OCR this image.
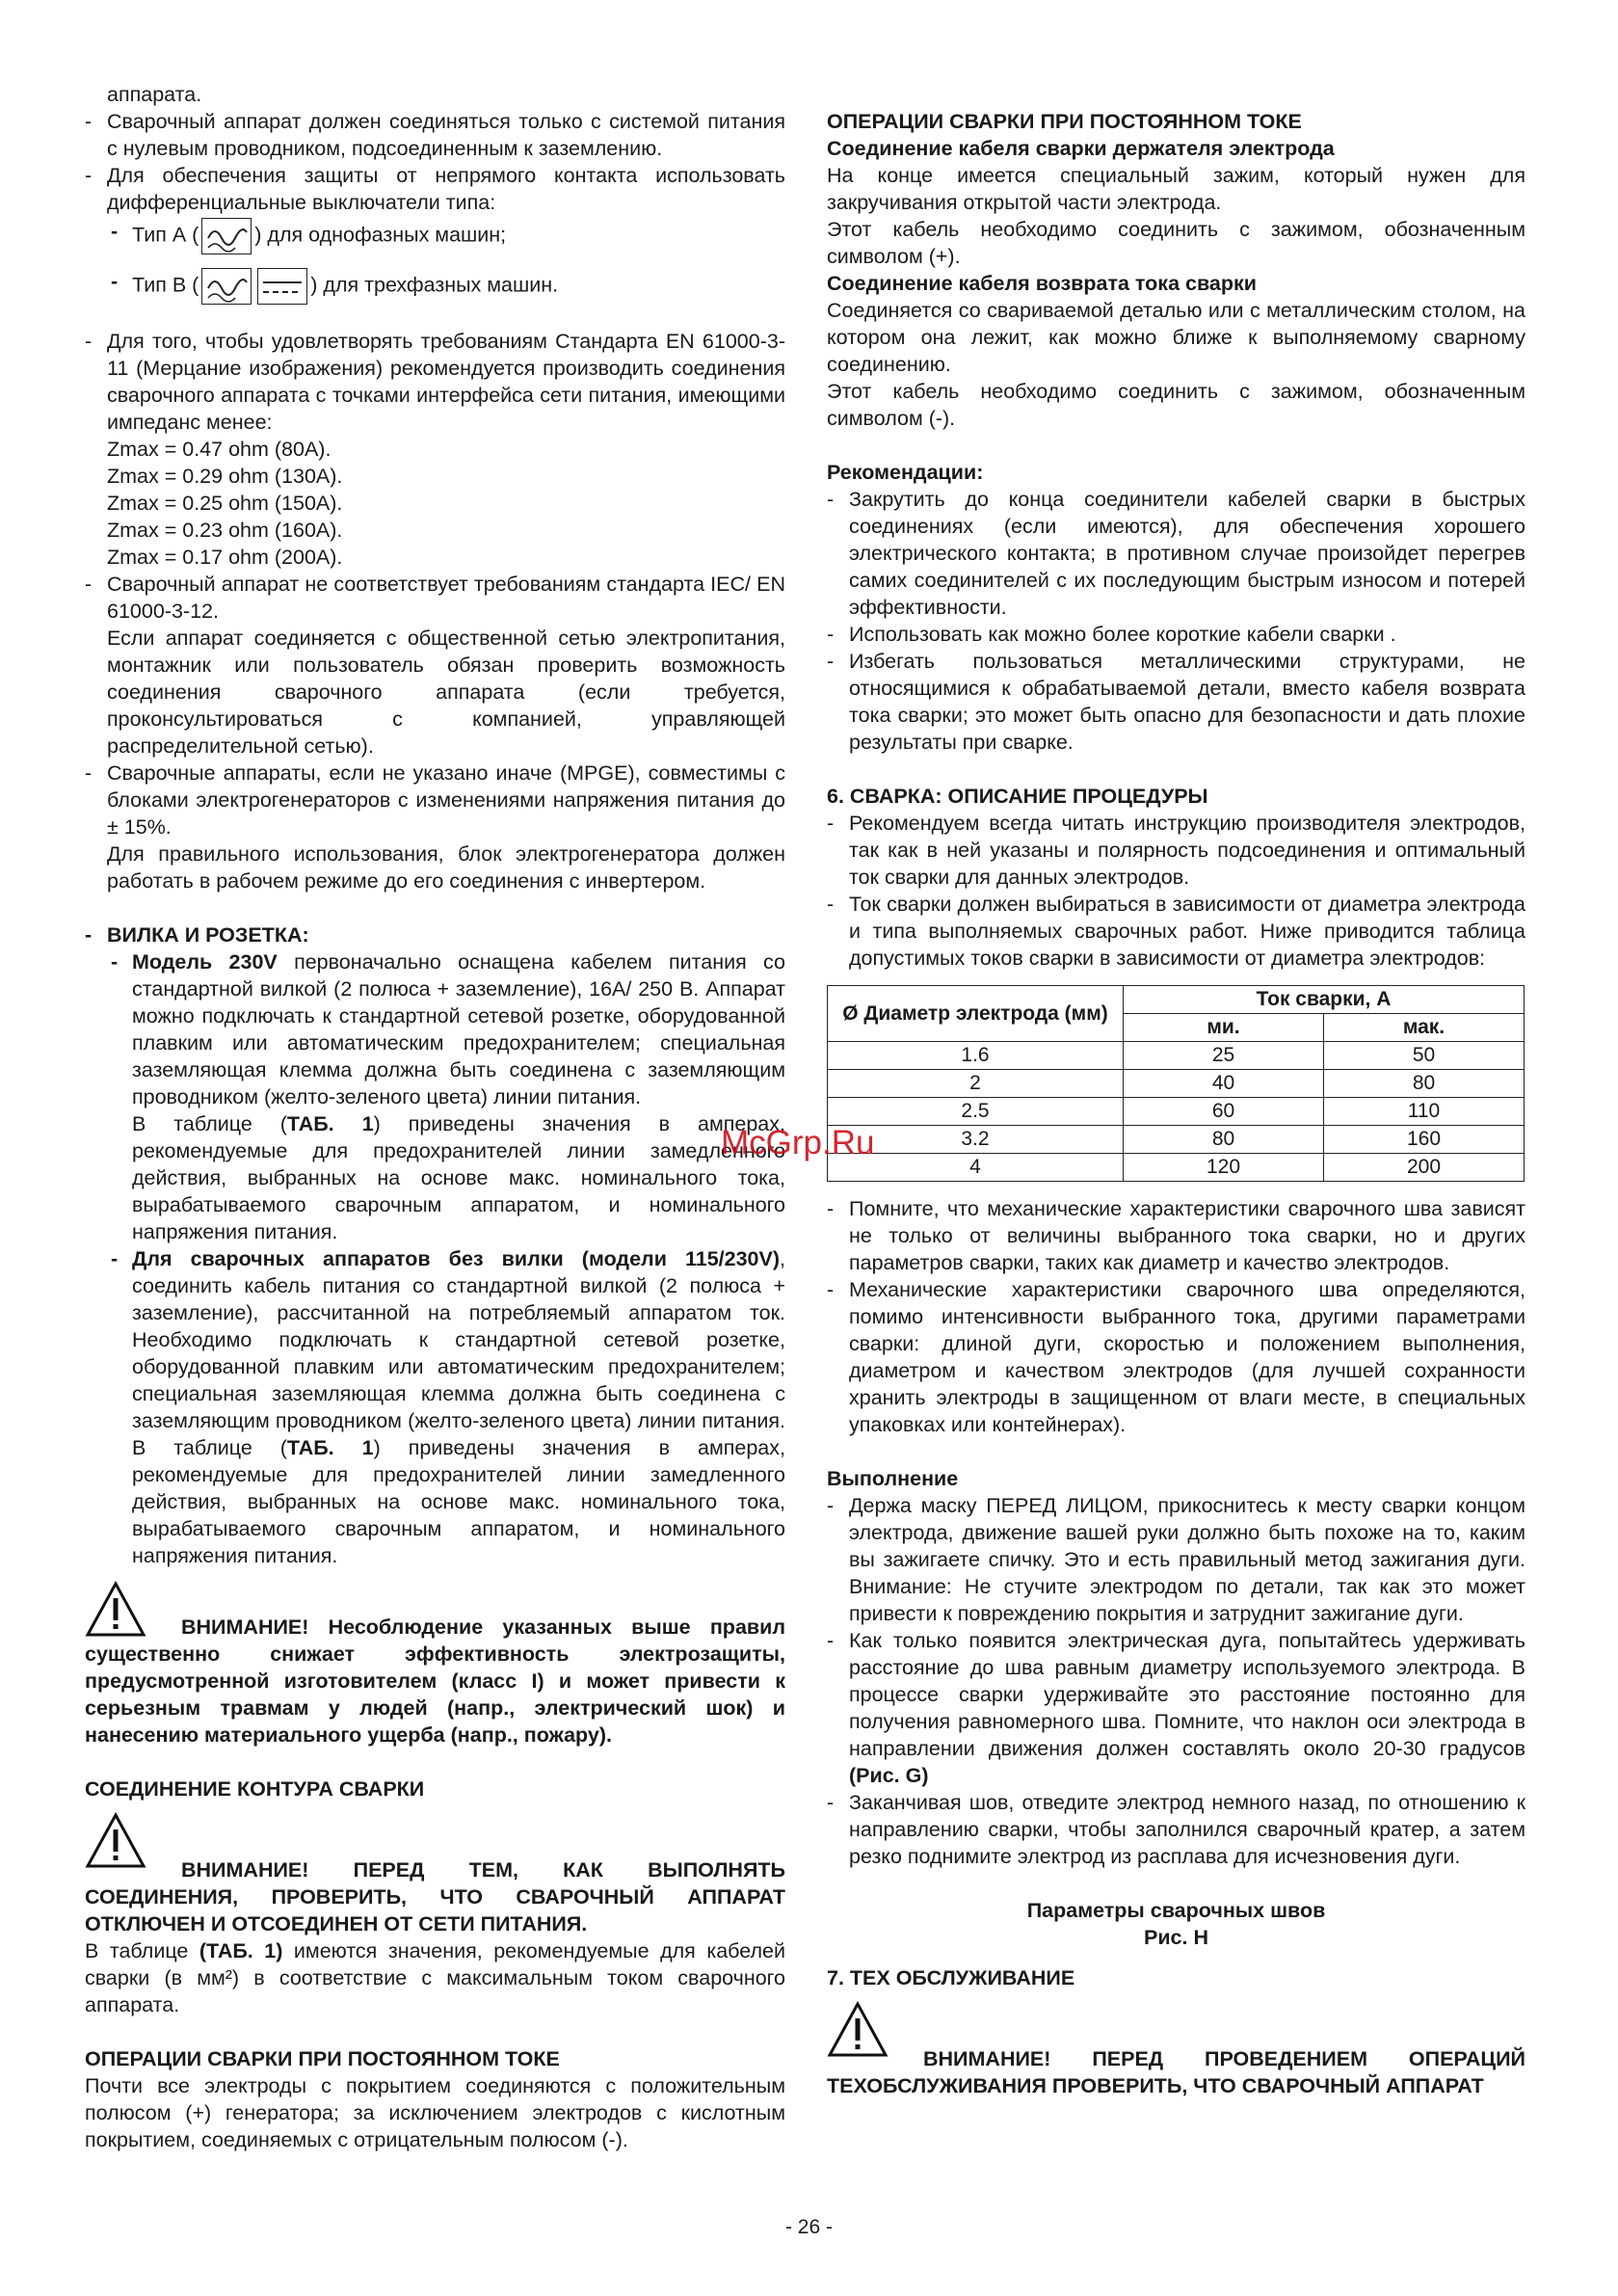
аппарата.

- Сварочный аппарат должен соединяться только с системой питания с нулевым проводником, подсоединенным к заземлению.

- Для обеспечения защиты от непрямого контакта использовать дифференциальные выключатели типа:

- Тип А (	) для однофазных машин;
- Тип В (	) для трехфазных машин.

- Для того, чтобы удовлетворять требованиям Стандарта EN 61000-3-11 (Мерцание изображения) рекомендуется производить соединения сварочного аппарата с точками интерфейса сети питания, имеющими импеданс менее:

Zmax = 0.47 ohm (80A).

Zmax = 0.29 ohm (130A).

Zmax = 0.25 ohm (150A).

Zmax = 0.23 ohm (160A).

Zmax = 0.17 ohm (200A).

- Сварочный аппарат не соответствует требованиям стандарта IEC/ EN 61000-3-12.

Если аппарат соединяется с общественной сетью электропитания, монтажник или пользователь обязан проверить возможность соединения сварочного аппарата (если требуется, проконсультироваться с компанией, управляющей распределительной сетью).

- Сварочные аппараты, если не указано иначе (MPGE), совместимы с блоками электрогенераторов с изменениями напряжения питания до ± 15%.

Для правильного использования, блок электрогенератора должен работать в рабочем режиме до его соединения с инвертером.

- ВИЛКА И РОЗЕТКА:

- Модель 230V первоначально оснащена кабелем питания со стандартной вилкой (2 полюса + заземление), 16А/ 250 В. Аппарат можно подключать к стандартной сетевой розетке, оборудованной плавким или автоматическим предохранителем; специальная заземляющая клемма должна быть соединена с заземляющим проводником (желто-зеленого цвета) линии питания.

В таблице (ТАБ. 1) приведены значения в амперах, рекомендуемые для предохранителей линии замедленного действия, выбранных на основе макс. номинального тока, вырабатываемого сварочным аппаратом, и номинального напряжения питания.

- Для сварочных аппаратов без вилки (модели 115/230V), соединить кабель питания со стандартной вилкой (2 полюса + заземление), рассчитанной на потребляемый аппаратом ток. Необходимо подключать к стандартной сетевой розетке, оборудованной плавким или автоматическим предохранителем; специальная заземляющая клемма должна быть соединена с заземляющим проводником (желто-зеленого цвета) линии питания. В таблице (ТАБ. 1) приведены значения в амперах, рекомендуемые для предохранителей линии замедленного действия, выбранных на основе макс. номинального тока, вырабатываемого сварочным аппаратом, и номинального напряжения питания.

ВНИМАНИЕ! Несоблюдение указанных выше правил существенно снижает эффективность электрозащиты, предусмотренной изготовителем (класс I) и может привести к серьезным травмам у людей (напр., электрический шок) и нанесению материального ущерба (напр., пожару).

СОЕДИНЕНИЕ КОНТУРА СВАРКИ

ВНИМАНИЕ! ПЕРЕД ТЕМ, КАК ВЫПОЛНЯТЬ СОЕДИНЕНИЯ, ПРОВЕРИТЬ, ЧТО СВАРОЧНЫЙ АППАРАТ ОТКЛЮЧЕН И ОТСОЕДИНЕН ОТ СЕТИ ПИТАНИЯ.

В таблице (ТАБ. 1) имеются значения, рекомендуемые для кабелей сварки (в мм²) в соответствие с максимальным током сварочного аппарата.

ОПЕРАЦИИ СВАРКИ ПРИ ПОСТОЯННОМ ТОКЕ

Почти все электроды с покрытием соединяются с положительным полюсом (+) генератора; за исключением электродов с кислотным покрытием, соединяемых с отрицательным полюсом (-).

ОПЕРАЦИИ СВАРКИ ПРИ ПОСТОЯННОМ ТОКЕ
Соединение кабеля сварки держателя электрода

На конце имеется специальный зажим, который нужен для закручивания открытой части электрода.

Этот кабель необходимо соединить с зажимом, обозначенным символом (+).

Соединение кабеля возврата тока сварки

Соединяется со свариваемой деталью или с металлическим столом, на котором она лежит, как можно ближе к выполняемому сварному соединению.

Этот кабель необходимо соединить с зажимом, обозначенным символом (-).

Рекомендации:

- Закрутить до конца соединители кабелей сварки в быстрых соединениях (если имеются), для обеспечения хорошего электрического контакта; в противном случае произойдет перегрев самих соединителей с их последующим быстрым износом и потерей эффективности.

- Использовать как можно более короткие кабели сварки .

- Избегать пользоваться металлическими структурами, не относящимися к обрабатываемой детали, вместо кабеля возврата тока сварки; это может быть опасно для безопасности и дать плохие результаты при сварке.

6. СВАРКА: ОПИСАНИЕ ПРОЦЕДУРЫ

- Рекомендуем всегда читать инструкцию производителя электродов, так как в ней указаны и полярность подсоединения и оптимальный ток сварки для данных электродов.

- Ток сварки должен выбираться в зависимости от диаметра электрода и типа выполняемых сварочных работ. Ниже приводится таблица допустимых токов сварки в зависимости от диаметра электродов:

Ø Диаметр электрода (мм)	Ток сварки, А	
	ми.	мак.
1.6	25	50
2	40	80
2.5	60	110
3.2	80	160
4	120	200

- Помните, что механические характеристики сварочного шва зависят не только от величины выбранного тока сварки, но и других параметров сварки, таких как диаметр и качество электродов.

- Механические характеристики сварочного шва определяются, помимо интенсивности выбранного тока, другими параметрами сварки: длиной дуги, скоростью и положением выполнения, диаметром и качеством электродов (для лучшей сохранности хранить электроды в защищенном от влаги месте, в специальных упаковках или контейнерах).

Выполнение

- Держа маску ПЕРЕД ЛИЦОМ, прикоснитесь к месту сварки концом электрода, движение вашей руки должно быть похоже на то, каким вы зажигаете спичку. Это и есть правильный метод зажигания дуги. Внимание: Не стучите электродом по детали, так как это может привести к повреждению покрытия и затруднит зажигание дуги.

- Как только появится электрическая дуга, попытайтесь удерживать расстояние до шва равным диаметру используемого электрода. В процессе сварки удерживайте это расстояние постоянно для получения равномерного шва. Помните, что наклон оси электрода в направлении движения должен составлять около 20-30 градусов (Рис. G)

- Заканчивая шов, отведите электрод немного назад, по отношению к направлению сварки, чтобы заполнился сварочный кратер, а затем резко поднимите электрод из расплава для исчезновения дуги.

Параметры сварочных швов

Рис. H

7. ТЕХ ОБСЛУЖИВАНИЕ

ВНИМАНИЕ! ПЕРЕД ПРОВЕДЕНИЕМ ОПЕРАЦИЙ ТЕХОБСЛУЖИВАНИЯ ПРОВЕРИТЬ, ЧТО СВАРОЧНЫЙ АППАРАТ

McGrp.Ru
- 26 -
